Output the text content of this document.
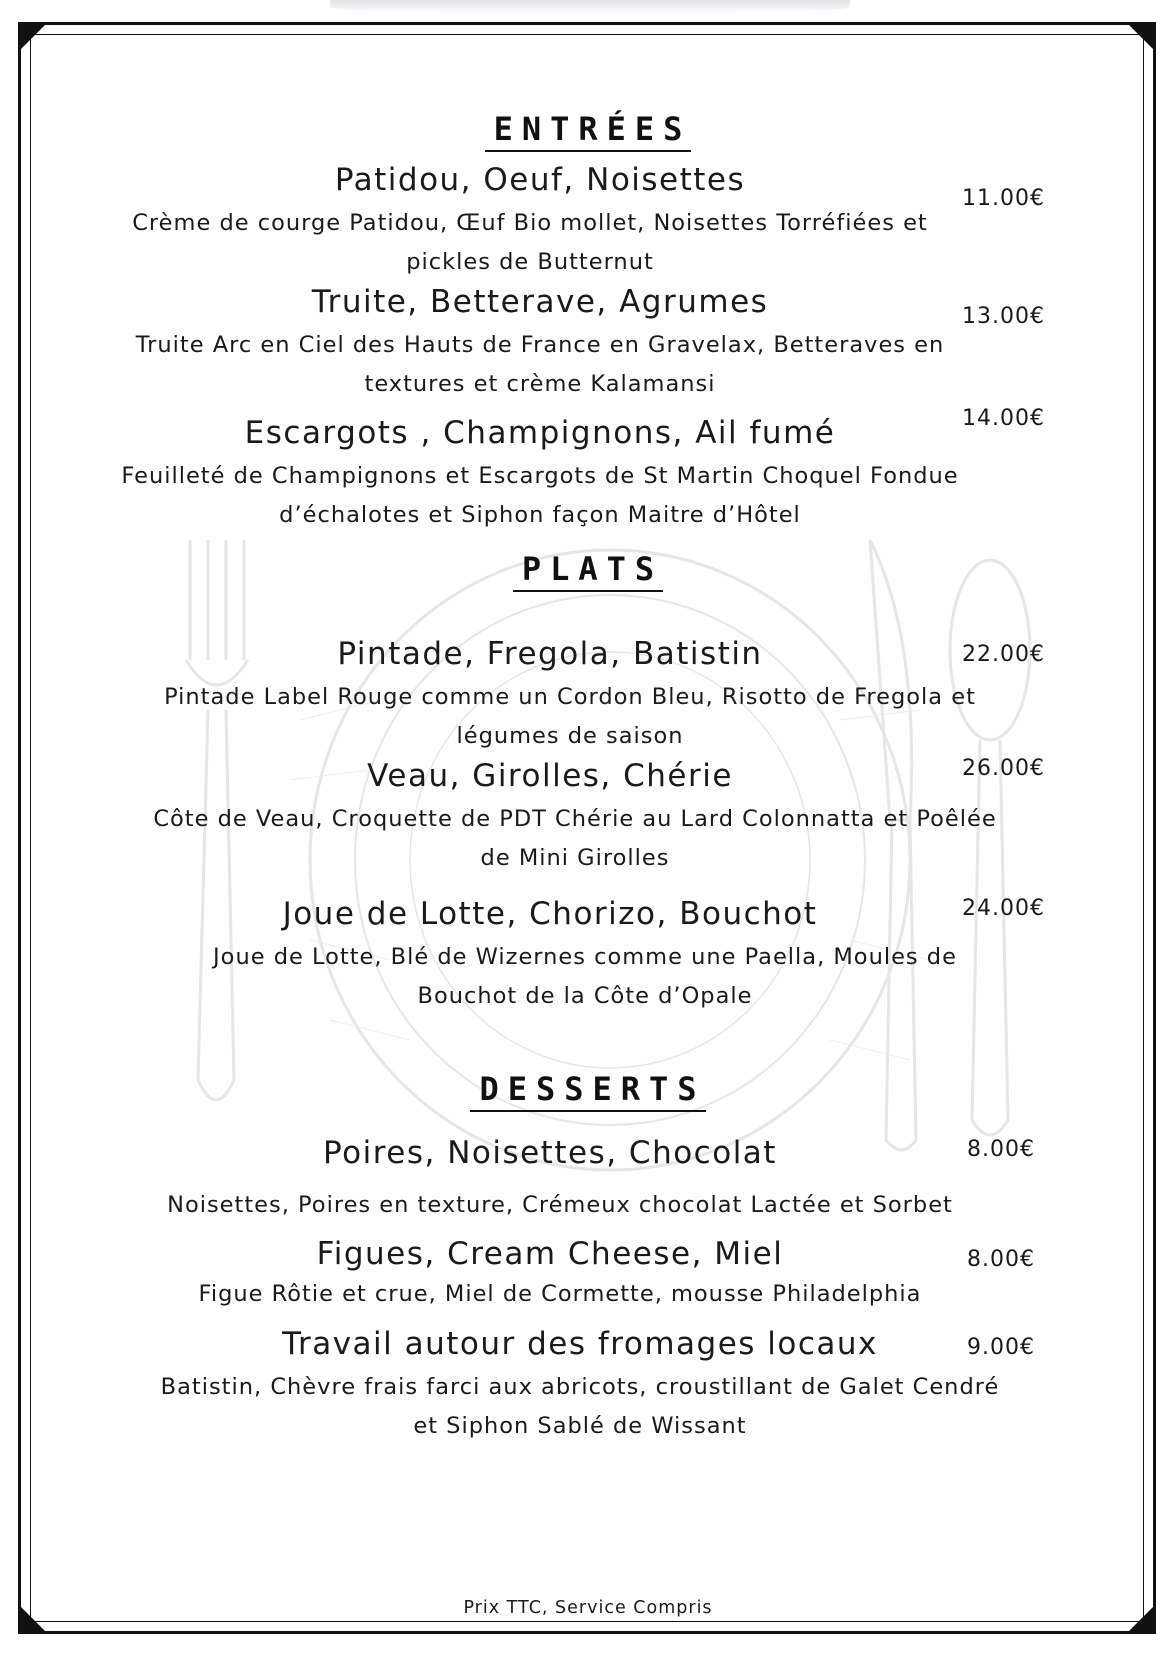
ENTRÉES
Patidou, Oeuf, Noisettes
11.00€
Crème de courge Patidou, Œuf Bio mollet, Noisettes Torréfiées et pickles de Butternut
Truite, Betterave, Agrumes	13.00€
Truite Arc en Ciel des Hauts de France en Gravelax, Betteraves en textures et crème Kalamansi
Escargots , Champignons, Ail fumé	14.00€
Feuilleté de Champignons et Escargots de St Martin Choquel Fondue d’échalotes et Siphon façon Maitre d’Hôtel
PLATS
Pintade, Fregola, Batistin	22.00€
Pintade Label Rouge comme un Cordon Bleu, Risotto de Fregola et légumes de saison
Veau, Girolles, Chérie	26.00€
Côte de Veau, Croquette de PDT Chérie au Lard Colonnatta et Poêlée de Mini Girolles
Joue de Lotte, Chorizo, Bouchot	24.00€
Joue de Lotte, Blé de Wizernes comme une Paella, Moules de Bouchot de la Côte d’Opale
DESSERTS
Poires, Noisettes, Chocolat	8.00€
Noisettes, Poires en texture, Crémeux chocolat Lactée et Sorbet
Figues, Cream Cheese, Miel	8.00€
Figue Rôtie et crue, Miel de Cormette, mousse Philadelphia
Travail autour des fromages locaux	9.00€
Batistin, Chèvre frais farci aux abricots, croustillant de Galet Cendré et Siphon Sablé de Wissant
Prix TTC, Service Compris
